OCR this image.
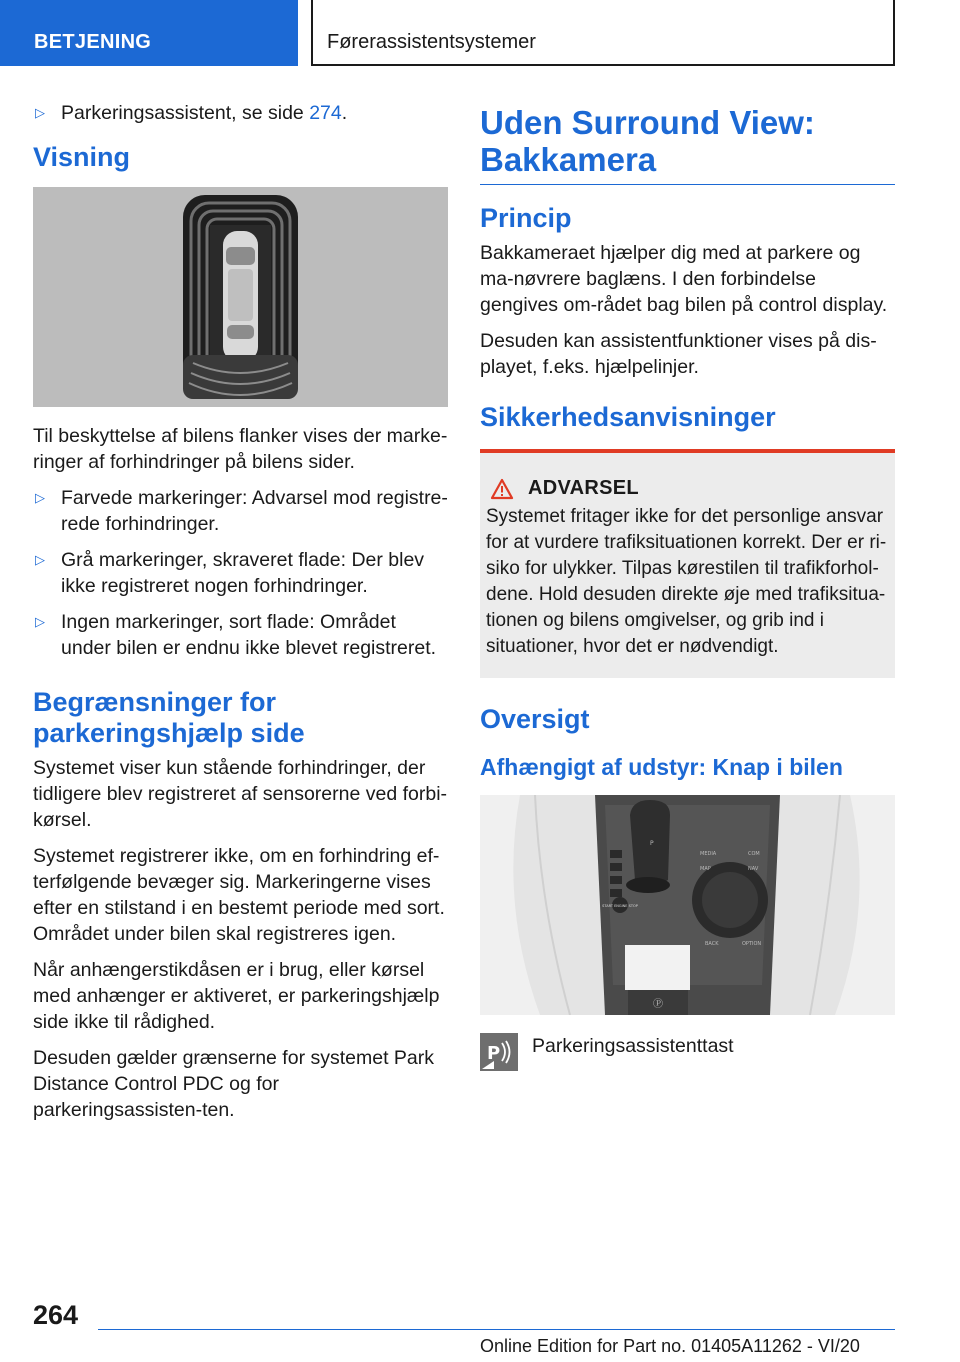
BETJENING	Førerassistentsystemer
▷ Parkeringsassistent, se side 274.
Visning

Til beskyttelse af bilens flanker vises der marke-ringer af forhindringer på bilens sider.

▷ Farvede markeringer: Advarsel mod registre-rede forhindringer.
▷ Grå markeringer, skraveret flade: Der blev ikke registreret nogen forhindringer.
▷ Ingen markeringer, sort flade: Området under bilen er endnu ikke blevet registreret.
Begrænsninger for parkeringshjælp side

Systemet viser kun stående forhindringer, der tidligere blev registreret af sensorerne ved forbi-kørsel.

Systemet registrerer ikke, om en forhindring ef-terfølgende bevæger sig. Markeringerne vises efter en stilstand i en bestemt periode med sort. Området under bilen skal registreres igen.

Når anhængerstikdåsen er i brug, eller kørsel med anhænger er aktiveret, er parkeringshjælp side ikke til rådighed.

Desuden gælder grænserne for systemet Park Distance Control PDC og for parkeringsassisten-ten.

Uden Surround View: Bakkamera
Princip

Bakkameraet hjælper dig med at parkere og ma-nøvrere baglæns. I den forbindelse gengives om-rådet bag bilen på control display.

Desuden kan assistentfunktioner vises på dis-playet, f.eks. hjælpelinjer.

Sikkerhedsanvisninger
ADVARSEL

Systemet fritager ikke for det personlige ansvar for at vurdere trafiksituationen korrekt. Der er ri-siko for ulykker. Tilpas kørestilen til trafikforhol-dene. Hold desuden direkte øje med trafiksitua-tionen og bilens omgivelser, og grib ind i situationer, hvor det er nødvendigt.

Oversigt
Afhængigt af udstyr: Knap i bilen
Ⓟ
P
START ENGINE STOP
MEDIA	COM
MAP	NAV
BACK	OPTION
P Parkeringsassistenttast
264
Online Edition for Part no. 01405A11262 - VI/20
